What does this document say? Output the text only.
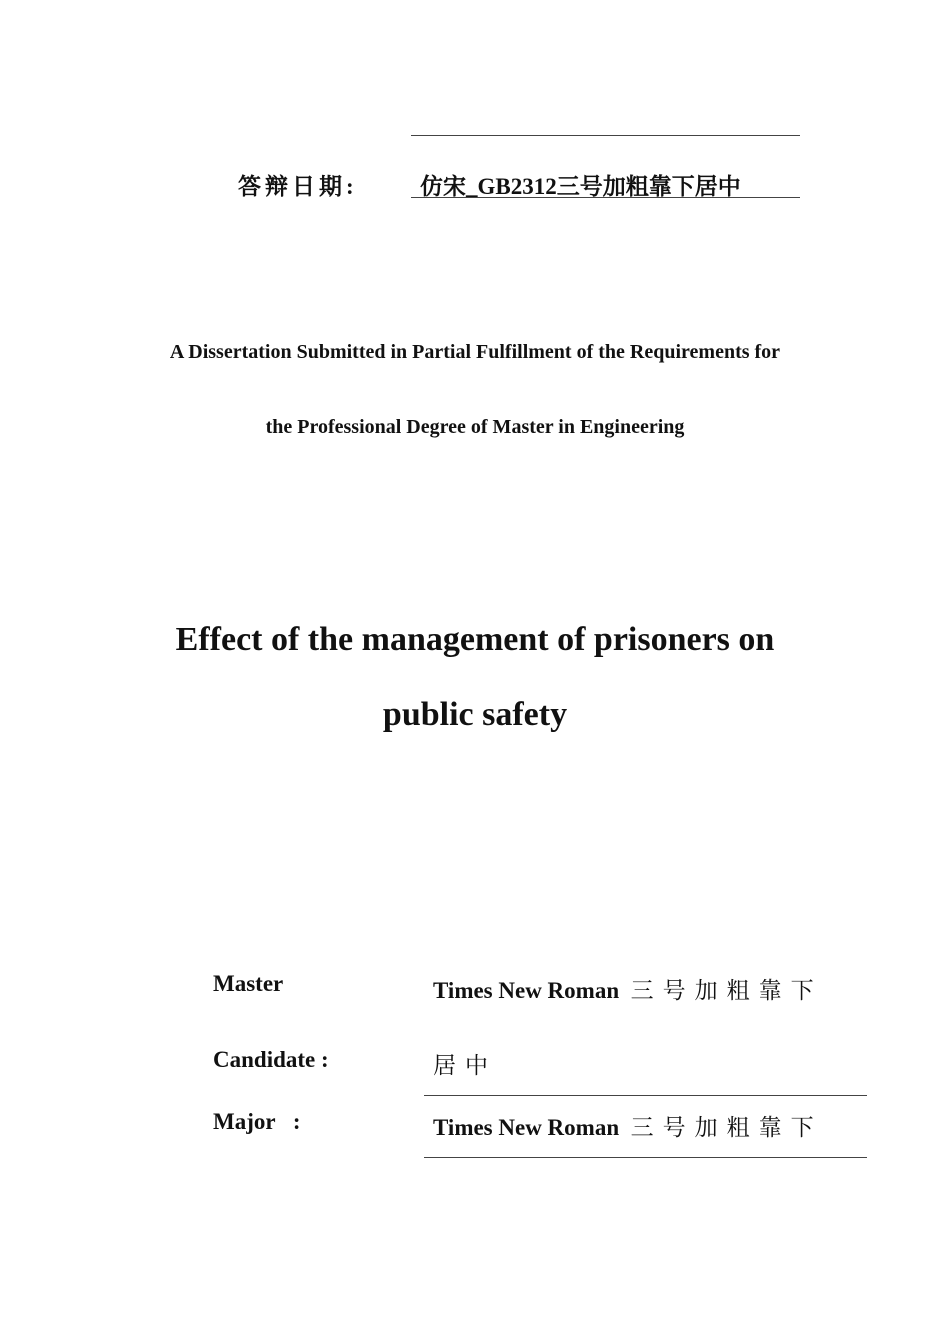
答辩日期:	仿宋_GB2312三号加粗靠下居中
A Dissertation Submitted in Partial Fulfillment of the Requirements for
the Professional Degree of Master in Engineering
Effect of the management of prisoners on
public safety
Master
Candidate :
Times New Roman 三号加粗靠下
居中
Major   :	Times New Roman 三号加粗靠下
